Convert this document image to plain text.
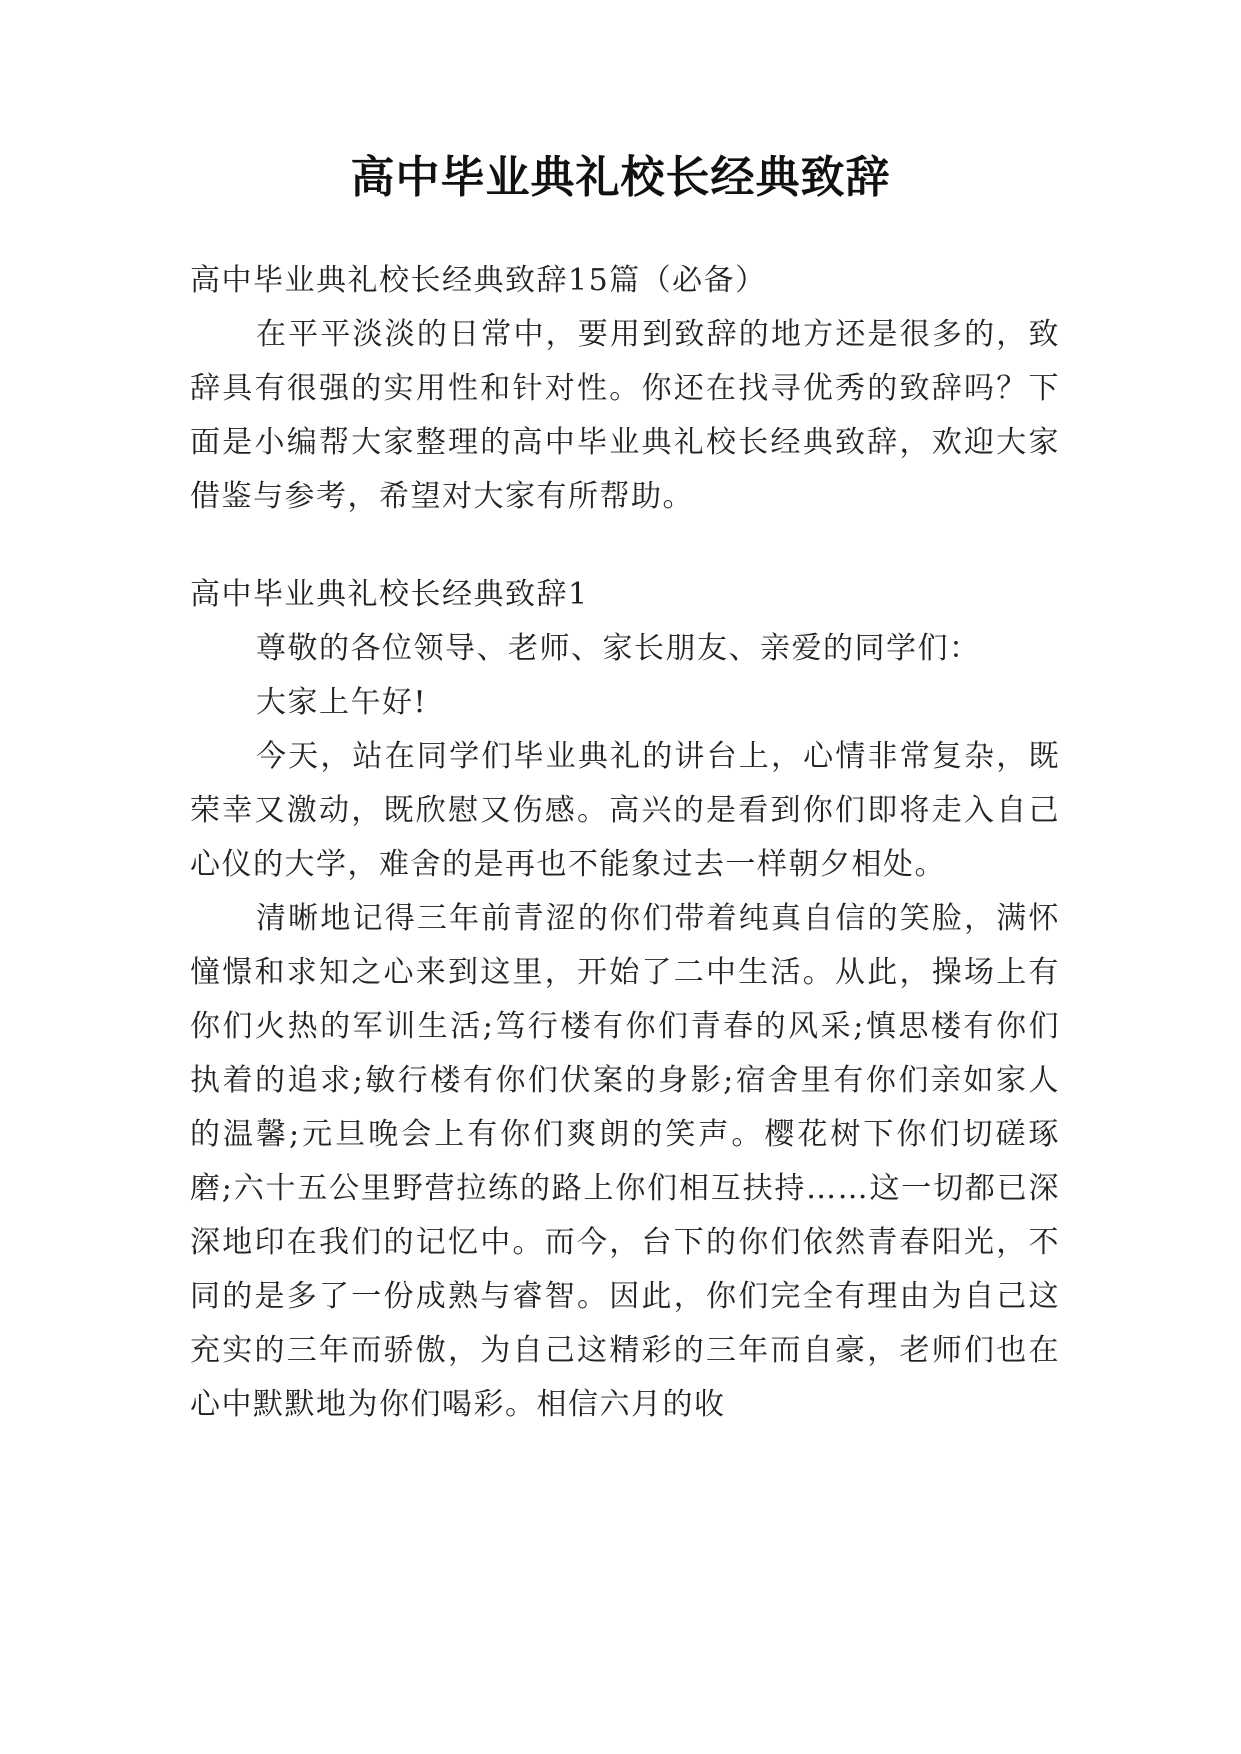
高中毕业典礼校长经典致辞

高中毕业典礼校长经典致辞15篇（必备）

在平平淡淡的日常中，要用到致辞的地方还是很多的，致辞具有很强的实用性和针对性。你还在找寻优秀的致辞吗？下面是小编帮大家整理的高中毕业典礼校长经典致辞，欢迎大家借鉴与参考，希望对大家有所帮助。

高中毕业典礼校长经典致辞1

尊敬的各位领导、老师、家长朋友、亲爱的同学们：

大家上午好!

今天，站在同学们毕业典礼的讲台上，心情非常复杂，既荣幸又激动，既欣慰又伤感。高兴的是看到你们即将走入自己心仪的大学，难舍的是再也不能象过去一样朝夕相处。

清晰地记得三年前青涩的你们带着纯真自信的笑脸，满怀憧憬和求知之心来到这里，开始了二中生活。从此，操场上有你们火热的军训生活;笃行楼有你们青春的风采;慎思楼有你们执着的追求;敏行楼有你们伏案的身影;宿舍里有你们亲如家人的温馨;元旦晚会上有你们爽朗的笑声。樱花树下你们切磋琢磨;六十五公里野营拉练的路上你们相互扶持……这一切都已深深地印在我们的记忆中。而今，台下的你们依然青春阳光，不同的是多了一份成熟与睿智。因此，你们完全有理由为自己这充实的三年而骄傲，为自己这精彩的三年而自豪，老师们也在心中默默地为你们喝彩。相信六月的收
